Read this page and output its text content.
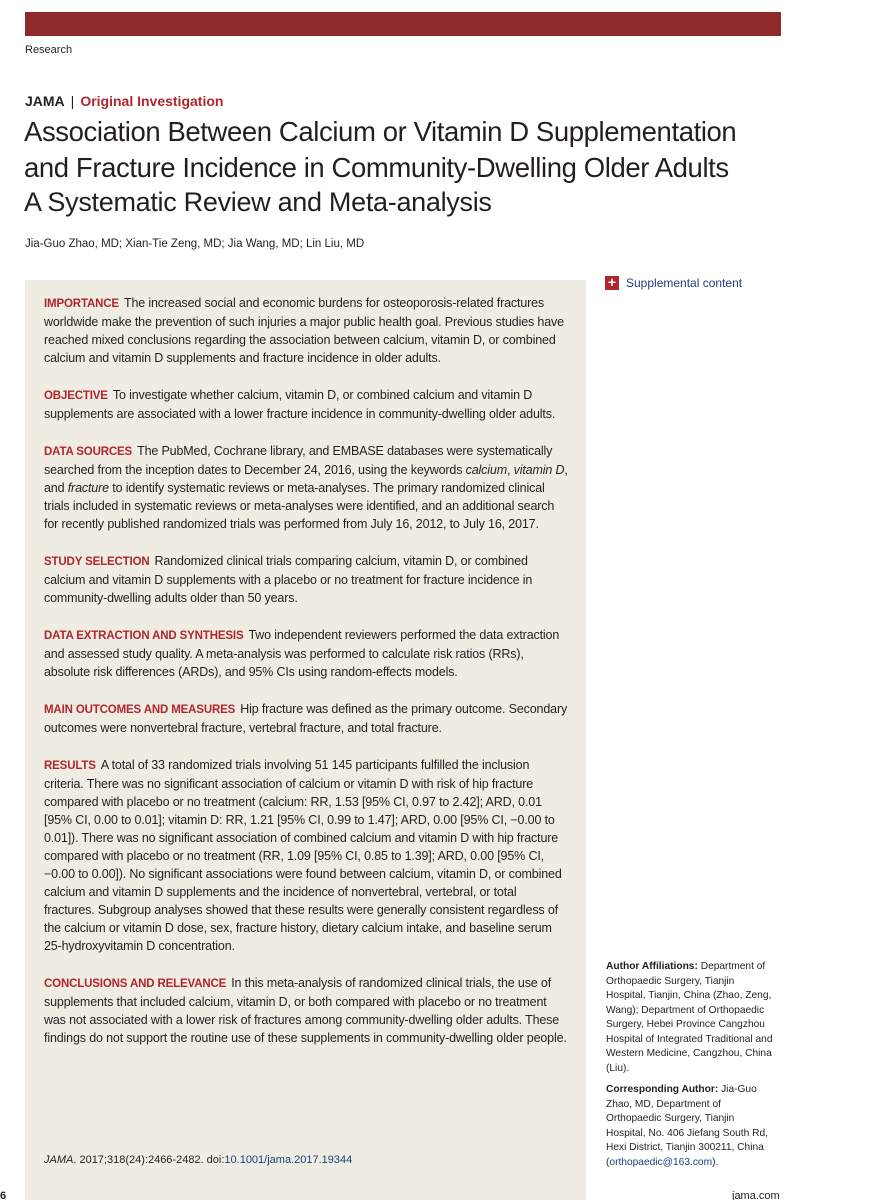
Research
JAMA | Original Investigation
Association Between Calcium or Vitamin D Supplementation and Fracture Incidence in Community-Dwelling Older Adults
A Systematic Review and Meta-analysis
Jia-Guo Zhao, MD; Xian-Tie Zeng, MD; Jia Wang, MD; Lin Liu, MD
+ Supplemental content

IMPORTANCE The increased social and economic burdens for osteoporosis-related fractures worldwide make the prevention of such injuries a major public health goal. Previous studies have reached mixed conclusions regarding the association between calcium, vitamin D, or combined calcium and vitamin D supplements and fracture incidence in older adults.

OBJECTIVE To investigate whether calcium, vitamin D, or combined calcium and vitamin D supplements are associated with a lower fracture incidence in community-dwelling older adults.

DATA SOURCES The PubMed, Cochrane library, and EMBASE databases were systematically searched from the inception dates to December 24, 2016, using the keywords calcium, vitamin D, and fracture to identify systematic reviews or meta-analyses. The primary randomized clinical trials included in systematic reviews or meta-analyses were identified, and an additional search for recently published randomized trials was performed from July 16, 2012, to July 16, 2017.

STUDY SELECTION Randomized clinical trials comparing calcium, vitamin D, or combined calcium and vitamin D supplements with a placebo or no treatment for fracture incidence in community-dwelling adults older than 50 years.

DATA EXTRACTION AND SYNTHESIS Two independent reviewers performed the data extraction and assessed study quality. A meta-analysis was performed to calculate risk ratios (RRs), absolute risk differences (ARDs), and 95% CIs using random-effects models.

MAIN OUTCOMES AND MEASURES Hip fracture was defined as the primary outcome. Secondary outcomes were nonvertebral fracture, vertebral fracture, and total fracture.

RESULTS A total of 33 randomized trials involving 51 145 participants fulfilled the inclusion criteria. There was no significant association of calcium or vitamin D with risk of hip fracture compared with placebo or no treatment (calcium: RR, 1.53 [95% CI, 0.97 to 2.42]; ARD, 0.01 [95% CI, 0.00 to 0.01]; vitamin D: RR, 1.21 [95% CI, 0.99 to 1.47]; ARD, 0.00 [95% CI, −0.00 to 0.01]). There was no significant association of combined calcium and vitamin D with hip fracture compared with placebo or no treatment (RR, 1.09 [95% CI, 0.85 to 1.39]; ARD, 0.00 [95% CI, −0.00 to 0.00]). No significant associations were found between calcium, vitamin D, or combined calcium and vitamin D supplements and the incidence of nonvertebral, vertebral, or total fractures. Subgroup analyses showed that these results were generally consistent regardless of the calcium or vitamin D dose, sex, fracture history, dietary calcium intake, and baseline serum 25-hydroxyvitamin D concentration.

CONCLUSIONS AND RELEVANCE In this meta-analysis of randomized clinical trials, the use of supplements that included calcium, vitamin D, or both compared with placebo or no treatment was not associated with a lower risk of fractures among community-dwelling older adults. These findings do not support the routine use of these supplements in community-dwelling older people.

JAMA. 2017;318(24):2466-2482. doi:10.1001/jama.2017.19344

Author Affiliations: Department of Orthopaedic Surgery, Tianjin Hospital, Tianjin, China (Zhao, Zeng, Wang); Department of Orthopaedic Surgery, Hebei Province Cangzhou Hospital of Integrated Traditional and Western Medicine, Cangzhou, China (Liu).

Corresponding Author: Jia-Guo Zhao, MD, Department of Orthopaedic Surgery, Tianjin Hospital, No. 406 Jiefang South Rd, Hexi District, Tianjin 300211, China (orthopaedic@163.com).

6	jama.com
